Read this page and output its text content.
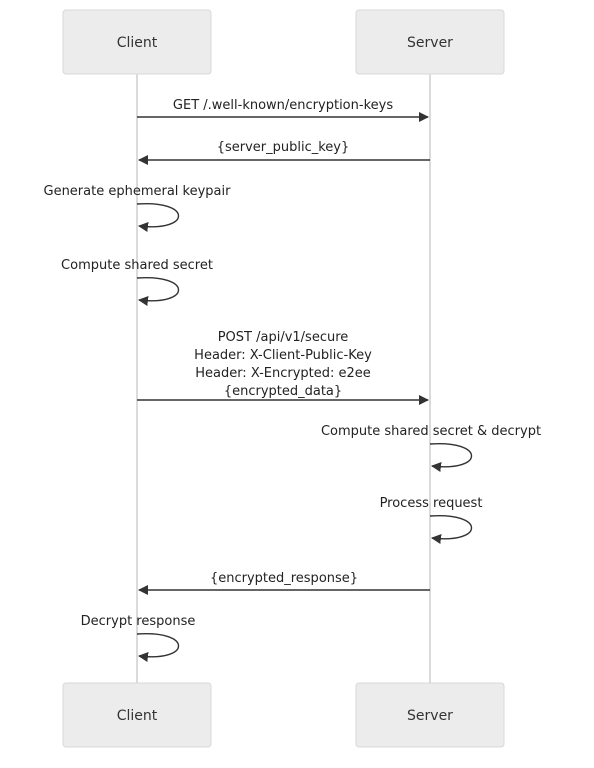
Client	Server
Client	Server
GET /.well-known/encryption-keys
{server_public_key}
Generate ephemeral keypair
Compute shared secret
POST /api/v1/secure
Header: X-Client-Public-Key
Header: X-Encrypted: e2ee
{encrypted_data}
Compute shared secret & decrypt
Process request
{encrypted_response}
Decrypt response
